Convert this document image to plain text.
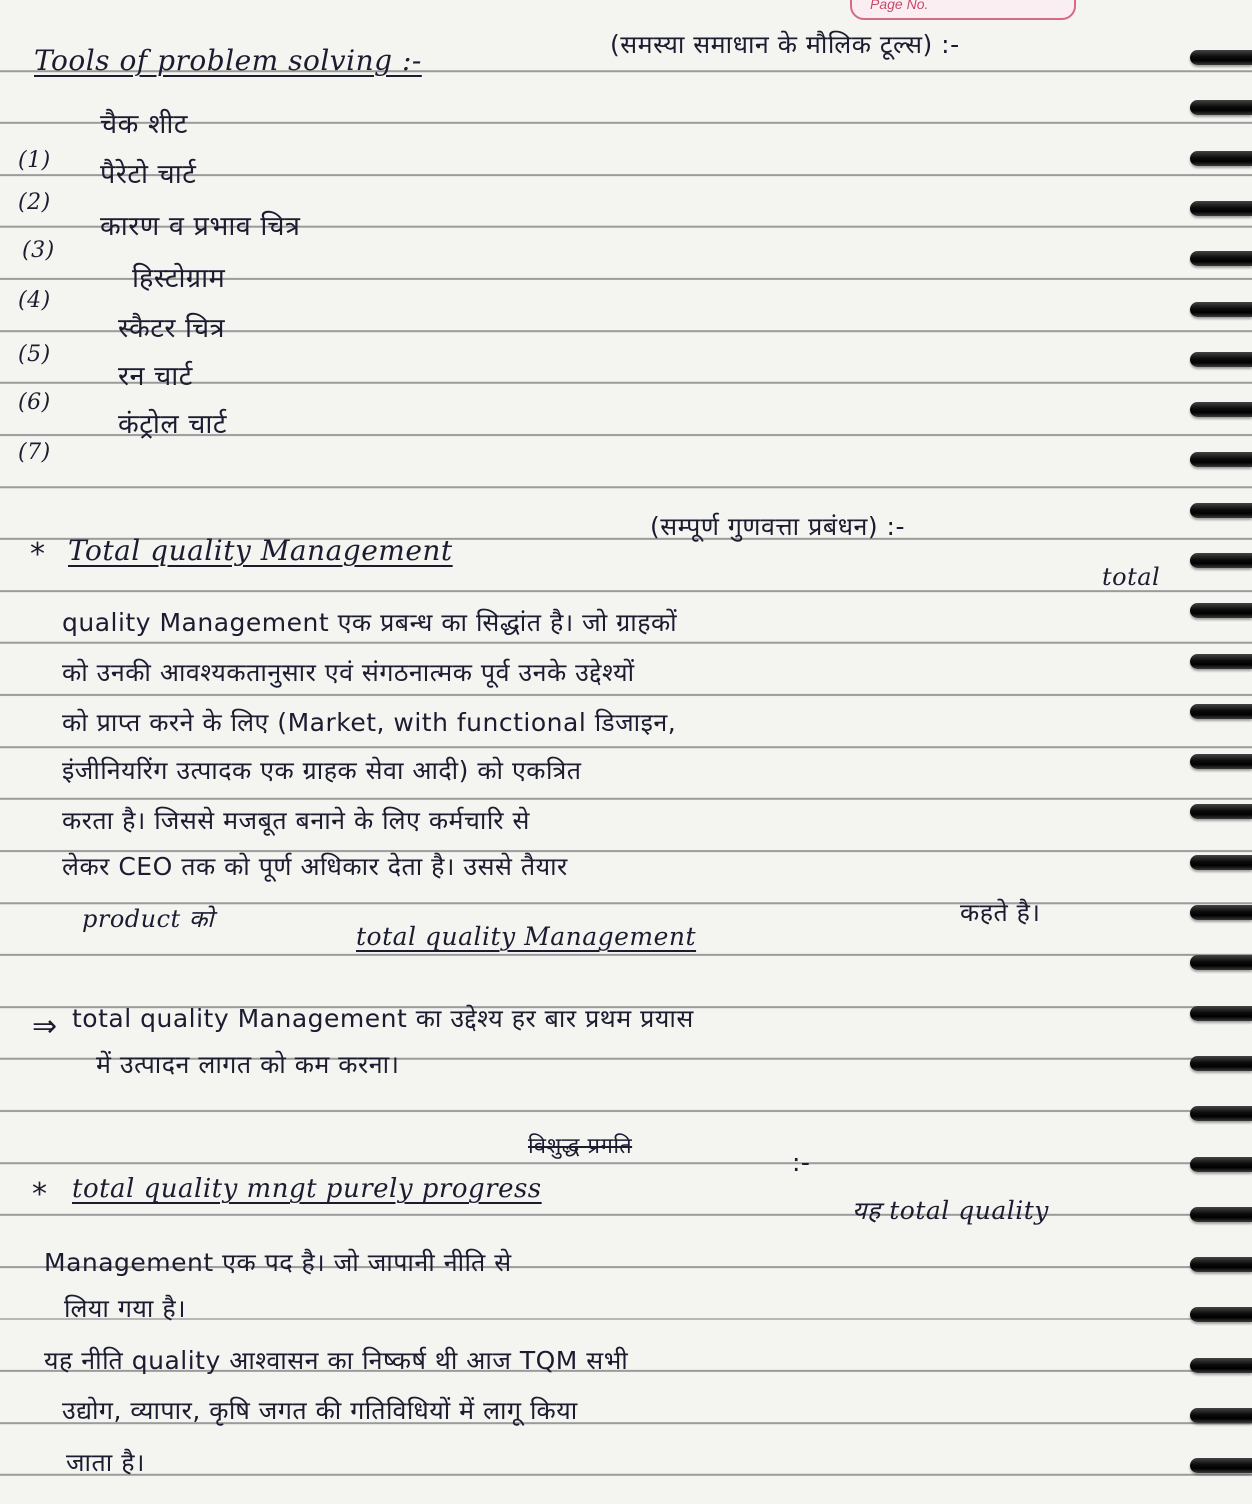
Page No.
Tools of problem solving :-	(समस्या समाधान के मौलिक टूल्स) :-
चैक शीट
(1) पैरेटो चार्ट
(2)
कारण व प्रभाव चित्र
(3)
हिस्टोग्राम
(4)
स्कैटर चित्र
(5)
रन चार्ट
(6)
कंट्रोल चार्ट
(7)
* Total quality Management
(सम्पूर्ण गुणवत्ता प्रबंधन) :-
total
quality Management एक प्रबन्ध का सिद्धांत है। जो ग्राहकों
को उनकी आवश्यकतानुसार एवं संगठनात्मक पूर्व उनके उद्देश्यों
को प्राप्त करने के लिए (Market, with functional डिजाइन,
इंजीनियरिंग उत्पादक एक ग्राहक सेवा आदी) को एकत्रित
करता है। जिससे मजबूत बनाने के लिए कर्मचारि से
लेकर CEO तक को पूर्ण अधिकार देता है। उससे तैयार
product को
total quality Management
कहते है।
⇒ total quality Management का उद्देश्य हर बार प्रथम प्रयास
में उत्पादन लागत को कम करना।
विशुद्ध प्रगति
* total quality mngt purely progress
:-
यह total quality
Management एक पद है। जो जापानी नीति से
लिया गया है।
यह नीति quality आश्वासन का निष्कर्ष थी आज TQM सभी
उद्योग, व्यापार, कृषि जगत की गतिविधियों में लागू किया
जाता है।
